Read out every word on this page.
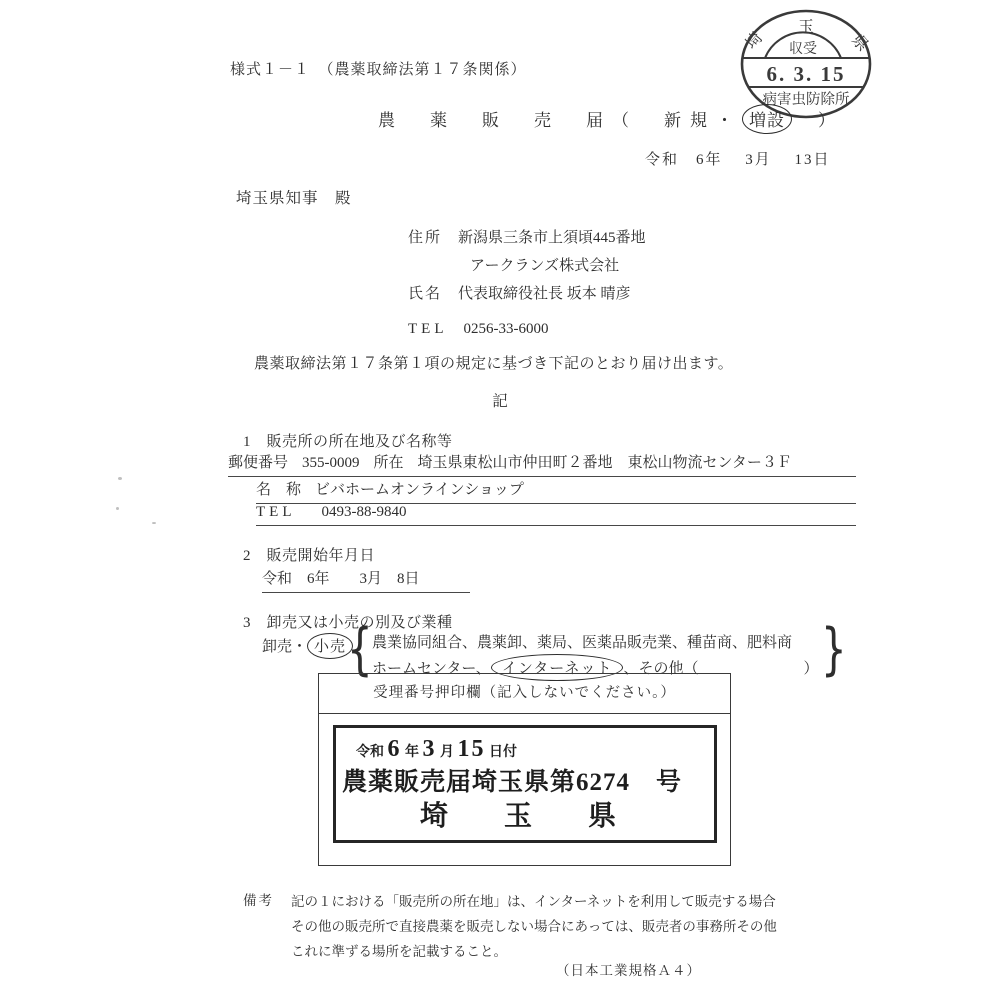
埼
玉
県
収受
6. 3. 15
病害虫防除所
様式１－１　（農薬取締法第１７条関係）
農　薬　販　売　届（　新規・ 増設　）
令和　6年　 3月　 13日
埼玉県知事　殿
住所 新潟県三条市上須頃445番地
アークランズ株式会社
氏名 代表取締役社長 坂本 晴彦
TEL 0256-33-6000
農薬取締法第１７条第１項の規定に基づき下記のとおり届け出ます。
記
1　販売所の所在地及び名称等
郵便番号 355-0009 所在 埼玉県東松山市仲田町２番地　東松山物流センター３Ｆ
名　称 ビバホームオンラインショップ
TEL 0493-88-9840
2　販売開始年月日
令和　6年　　3月　8日
3　卸売又は小売の別及び業種
卸売・ 小売 { 農業協同組合、農薬卸、薬局、医薬品販売業、種苗商、肥料商
ホームセンター、 インターネット 、その他（　　　　　　　） }
受理番号押印欄（記入しないでください。）
令和 6 年 3 月 15 日付
農薬販売届埼玉県第6274　号
埼　玉　県
備考 記の１における「販売所の所在地」は、インターネットを利用して販売する場合
その他の販売所で直接農薬を販売しない場合にあっては、販売者の事務所その他
これに準ずる場所を記載すること。
（日本工業規格Ａ４）
